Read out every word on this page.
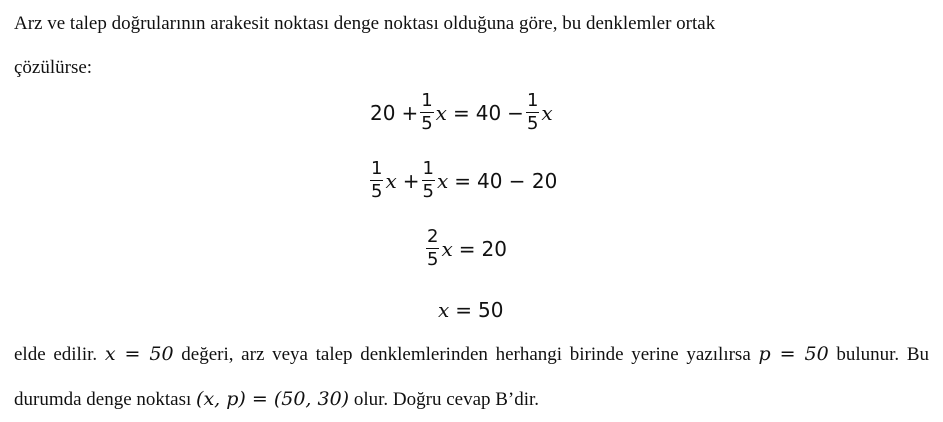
Arz ve talep doğrularının arakesit noktası denge noktası olduğuna göre, bu denklemler ortak
çözülürse:

$20 + \frac{1}{5}$ $x = 40 - \frac{1}{5}$ x
$\frac{1}{5}$ $x + \frac{1}{5}$ x = 40 − 20
$\frac{2}{5}$ x = 20
x = 50

elde edilir. x = 50 değeri, arz veya talep denklemlerinden herhangi birinde yerine yazılırsa p = 50 bulunur. Bu durumda denge noktası (x, p) = (50, 30) olur. Doğru cevap B’dir.
